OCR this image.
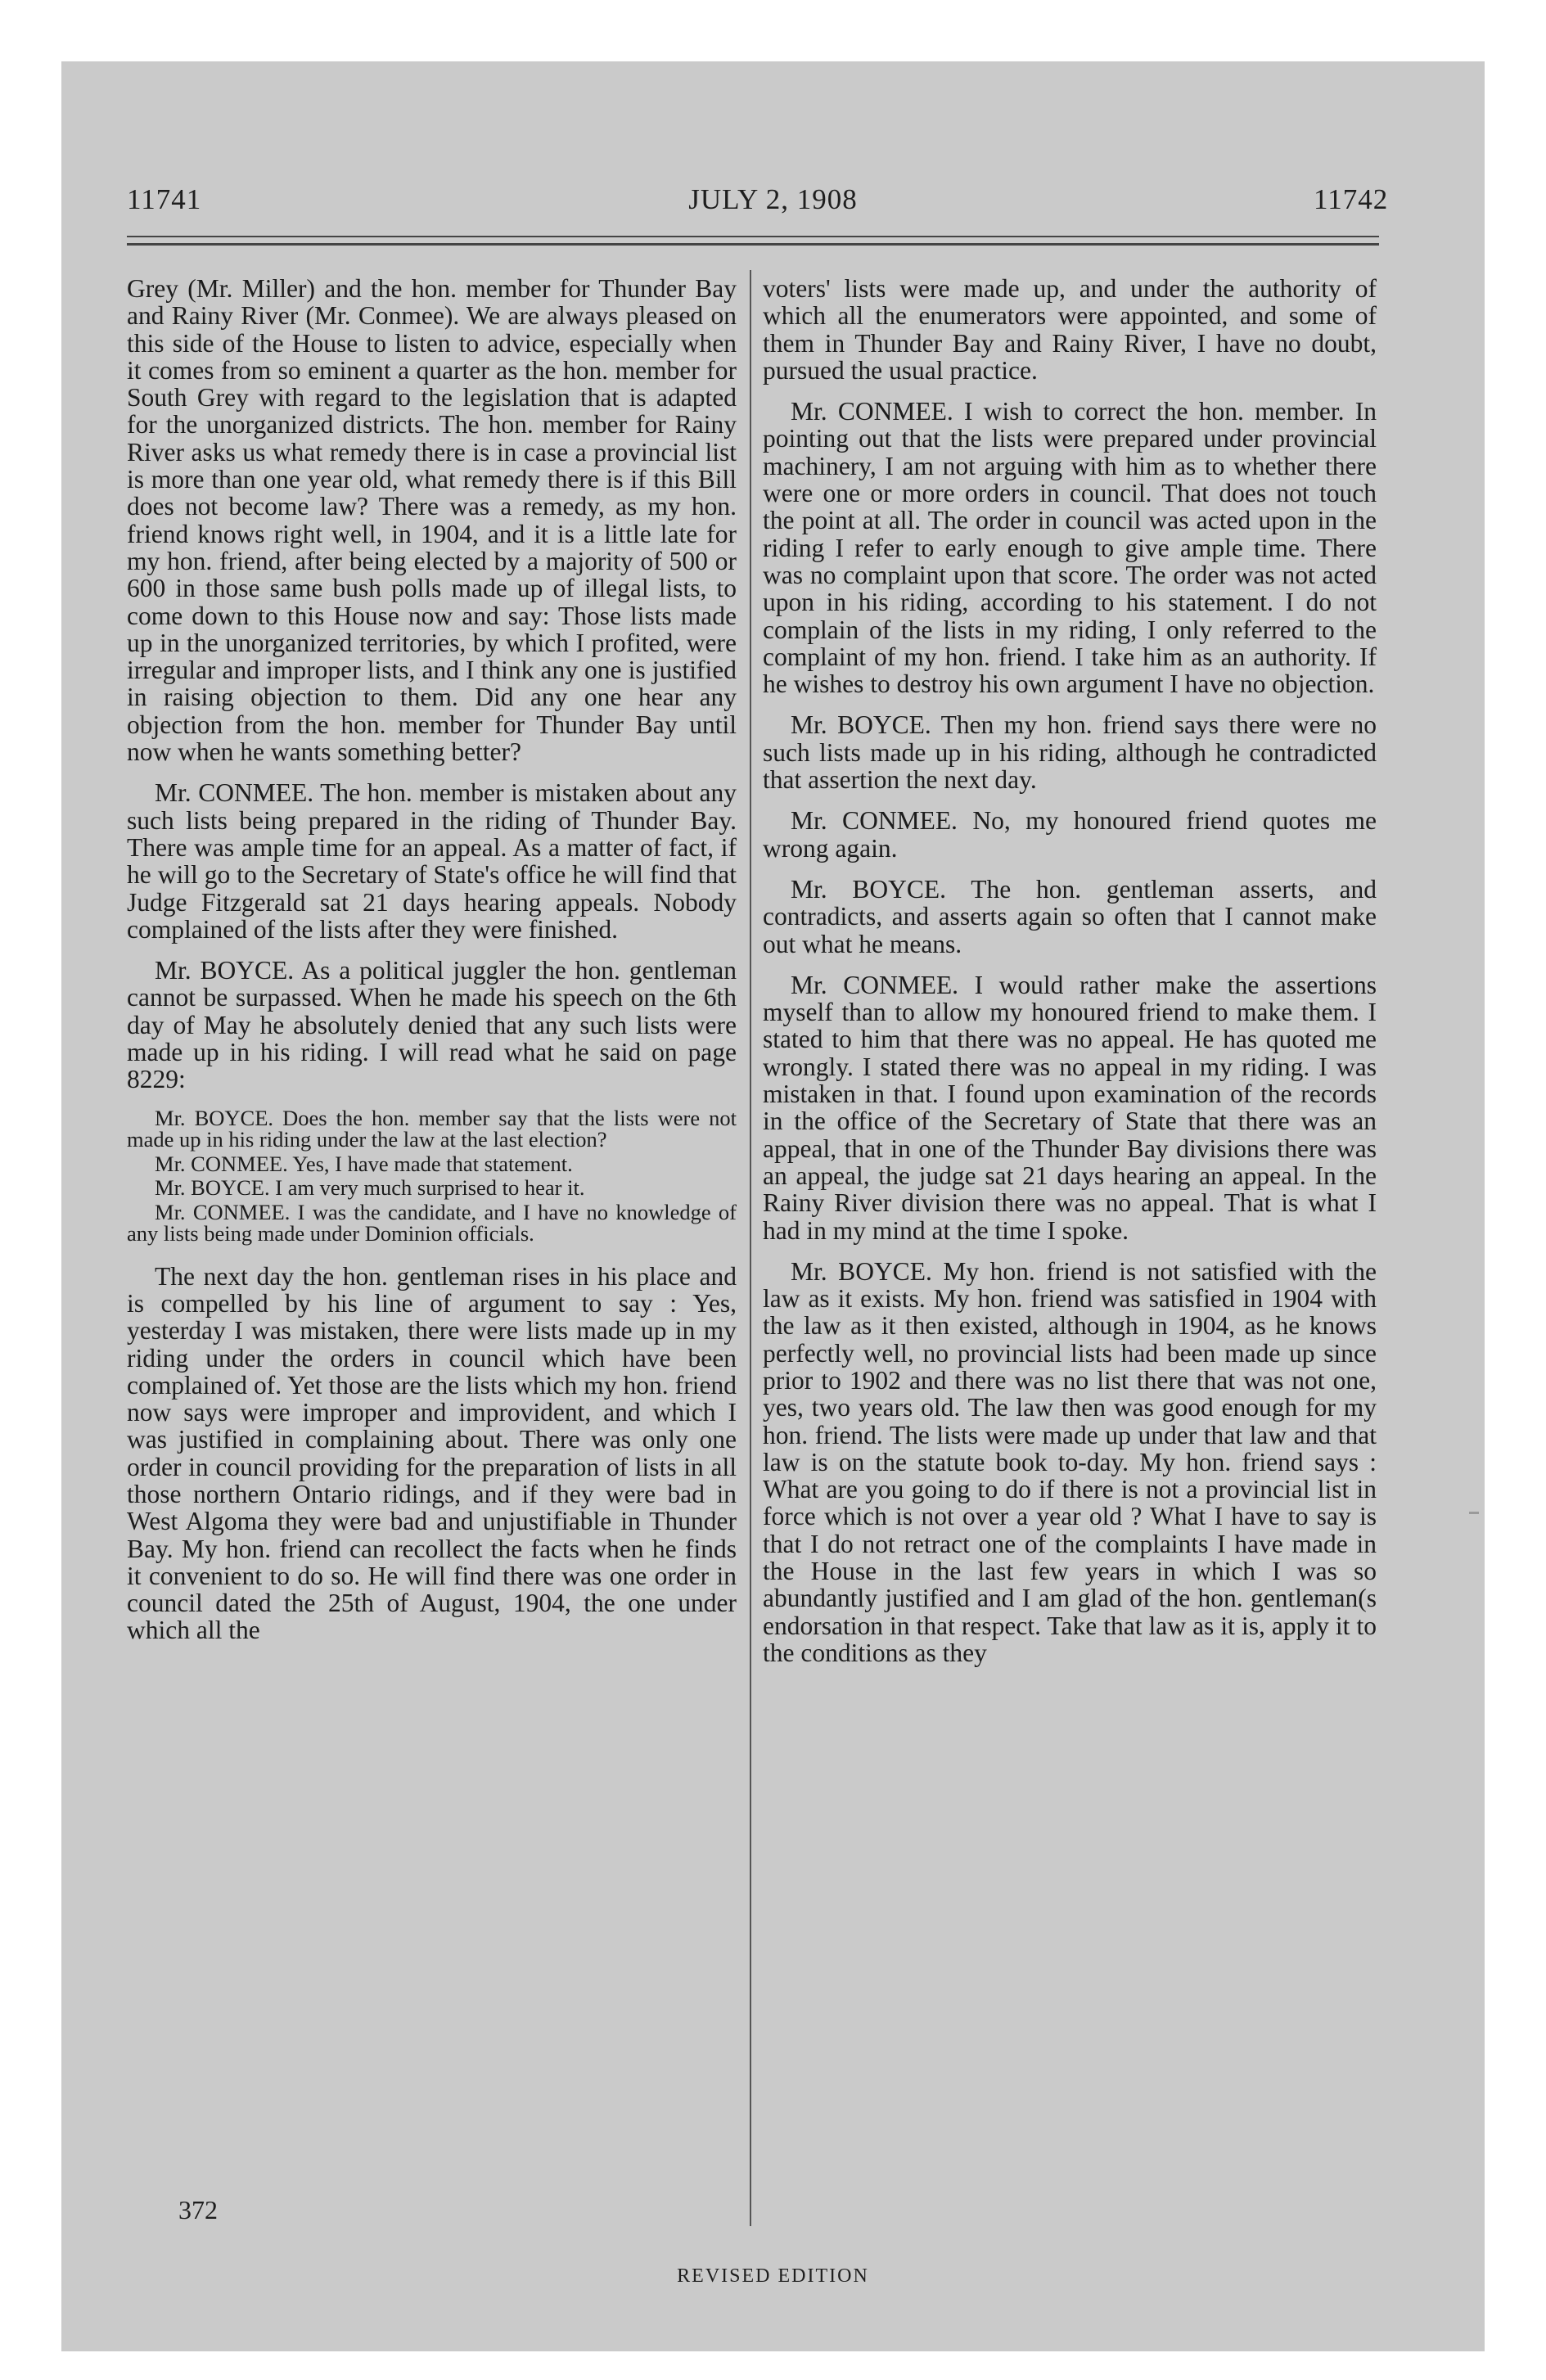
11741	JULY 2, 1908	11742

Grey (Mr. Miller) and the hon. member for Thunder Bay and Rainy River (Mr. Conmee). We are always pleased on this side of the House to listen to advice, especially when it comes from so eminent a quarter as the hon. member for South Grey with regard to the legislation that is adapted for the unorganized districts. The hon. member for Rainy River asks us what remedy there is in case a provincial list is more than one year old, what remedy there is if this Bill does not become law? There was a remedy, as my hon. friend knows right well, in 1904, and it is a little late for my hon. friend, after being elected by a majority of 500 or 600 in those same bush polls made up of illegal lists, to come down to this House now and say: Those lists made up in the unorganized territories, by which I profited, were irregular and improper lists, and I think any one is justified in raising objection to them. Did any one hear any objection from the hon. member for Thunder Bay until now when he wants something better?

Mr. CONMEE. The hon. member is mistaken about any such lists being prepared in the riding of Thunder Bay. There was ample time for an appeal. As a matter of fact, if he will go to the Secretary of State's office he will find that Judge Fitzgerald sat 21 days hearing appeals. Nobody complained of the lists after they were finished.

Mr. BOYCE. As a political juggler the hon. gentleman cannot be surpassed. When he made his speech on the 6th day of May he absolutely denied that any such lists were made up in his riding. I will read what he said on page 8229:

Mr. BOYCE. Does the hon. member say that the lists were not made up in his riding under the law at the last election?

Mr. CONMEE. Yes, I have made that statement.

Mr. BOYCE. I am very much surprised to hear it.

Mr. CONMEE. I was the candidate, and I have no knowledge of any lists being made under Dominion officials.

The next day the hon. gentleman rises in his place and is compelled by his line of argument to say : Yes, yesterday I was mistaken, there were lists made up in my riding under the orders in council which have been complained of. Yet those are the lists which my hon. friend now says were improper and improvident, and which I was justified in complaining about. There was only one order in council providing for the preparation of lists in all those northern Ontario ridings, and if they were bad in West Algoma they were bad and unjustifiable in Thunder Bay. My hon. friend can recollect the facts when he finds it convenient to do so. He will find there was one order in council dated the 25th of August, 1904, the one under which all the

voters' lists were made up, and under the authority of which all the enumerators were appointed, and some of them in Thunder Bay and Rainy River, I have no doubt, pursued the usual practice.

Mr. CONMEE. I wish to correct the hon. member. In pointing out that the lists were prepared under provincial machinery, I am not arguing with him as to whether there were one or more orders in council. That does not touch the point at all. The order in council was acted upon in the riding I refer to early enough to give ample time. There was no complaint upon that score. The order was not acted upon in his riding, according to his statement. I do not complain of the lists in my riding, I only referred to the complaint of my hon. friend. I take him as an authority. If he wishes to destroy his own argument I have no objection.

Mr. BOYCE. Then my hon. friend says there were no such lists made up in his riding, although he contradicted that assertion the next day.

Mr. CONMEE. No, my honoured friend quotes me wrong again.

Mr. BOYCE. The hon. gentleman asserts, and contradicts, and asserts again so often that I cannot make out what he means.

Mr. CONMEE. I would rather make the assertions myself than to allow my honoured friend to make them. I stated to him that there was no appeal. He has quoted me wrongly. I stated there was no appeal in my riding. I was mistaken in that. I found upon examination of the records in the office of the Secretary of State that there was an appeal, that in one of the Thunder Bay divisions there was an appeal, the judge sat 21 days hearing an appeal. In the Rainy River division there was no appeal. That is what I had in my mind at the time I spoke.

Mr. BOYCE. My hon. friend is not satisfied with the law as it exists. My hon. friend was satisfied in 1904 with the law as it then existed, although in 1904, as he knows perfectly well, no provincial lists had been made up since prior to 1902 and there was no list there that was not one, yes, two years old. The law then was good enough for my hon. friend. The lists were made up under that law and that law is on the statute book to-day. My hon. friend says : What are you going to do if there is not a provincial list in force which is not over a year old ? What I have to say is that I do not retract one of the complaints I have made in the House in the last few years in which I was so abundantly justified and I am glad of the hon. gentleman(s endorsation in that respect. Take that law as it is, apply it to the conditions as they

372
REVISED EDITION
